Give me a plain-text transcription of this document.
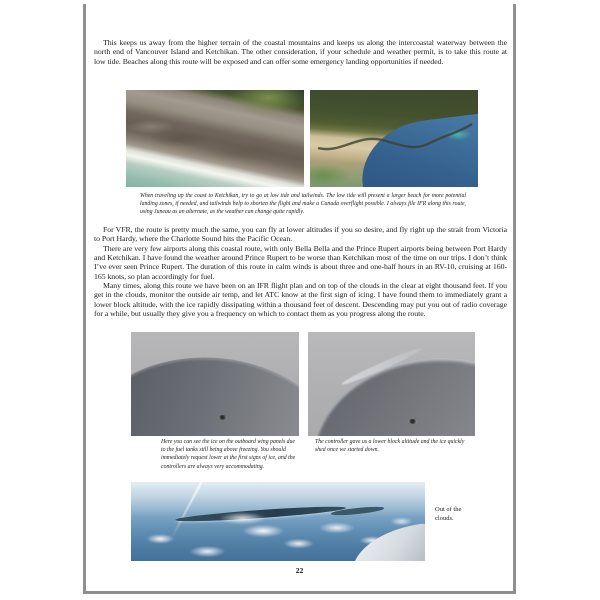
This keeps us away from the higher terrain of the coastal mountains and keeps us along the intercoastal waterway between the north end of Vancouver Island and Ketchikan. The other consideration, if your schedule and weather permit, is to take this route at low tide. Beaches along this route will be exposed and can offer some emergency landing opportunities if needed.

When traveling up the coast to Ketchikan, try to go at low tide and tailwinds. The low tide will present a larger beach for more potential landing zones, if needed, and tailwinds help to shorten the flight and make a Canada overflight possible. I always file IFR along this route, using Juneau as an alternate, as the weather can change quite rapidly.

For VFR, the route is pretty much the same, you can fly at lower altitudes if you so desire, and fly right up the strait from Victoria to Port Hardy, where the Charlotte Sound hits the Pacific Ocean.

There are very few airports along this coastal route, with only Bella Bella and the Prince Rupert airports being between Port Hardy and Ketchikan. I have found the weather around Prince Rupert to be worse than Ketchikan most of the time on our trips. I don’t think I’ve ever seen Prince Rupert. The duration of this route in calm winds is about three and one-half hours in an RV-10, cruising at 160-165 knots, so plan accordingly for fuel.

Many times, along this route we have been on an IFR flight plan and on top of the clouds in the clear at eight thousand feet. If you get in the clouds, monitor the outside air temp, and let ATC know at the first sign of icing. I have found them to immediately grant a lower block altitude, with the ice rapidly dissipating within a thousand feet of descent. Descending may put you out of radio coverage for a while, but usually they give you a frequency on which to contact them as you progress along the route.

Here you can see the ice on the outboard wing panels due to the fuel tanks still being above freezing. You should immediately request lower at the first signs of ice, and the controllers are always very accommodating.
The controller gave us a lower block altitude and the ice quickly shed once we started down.
Out of the clouds.
22
